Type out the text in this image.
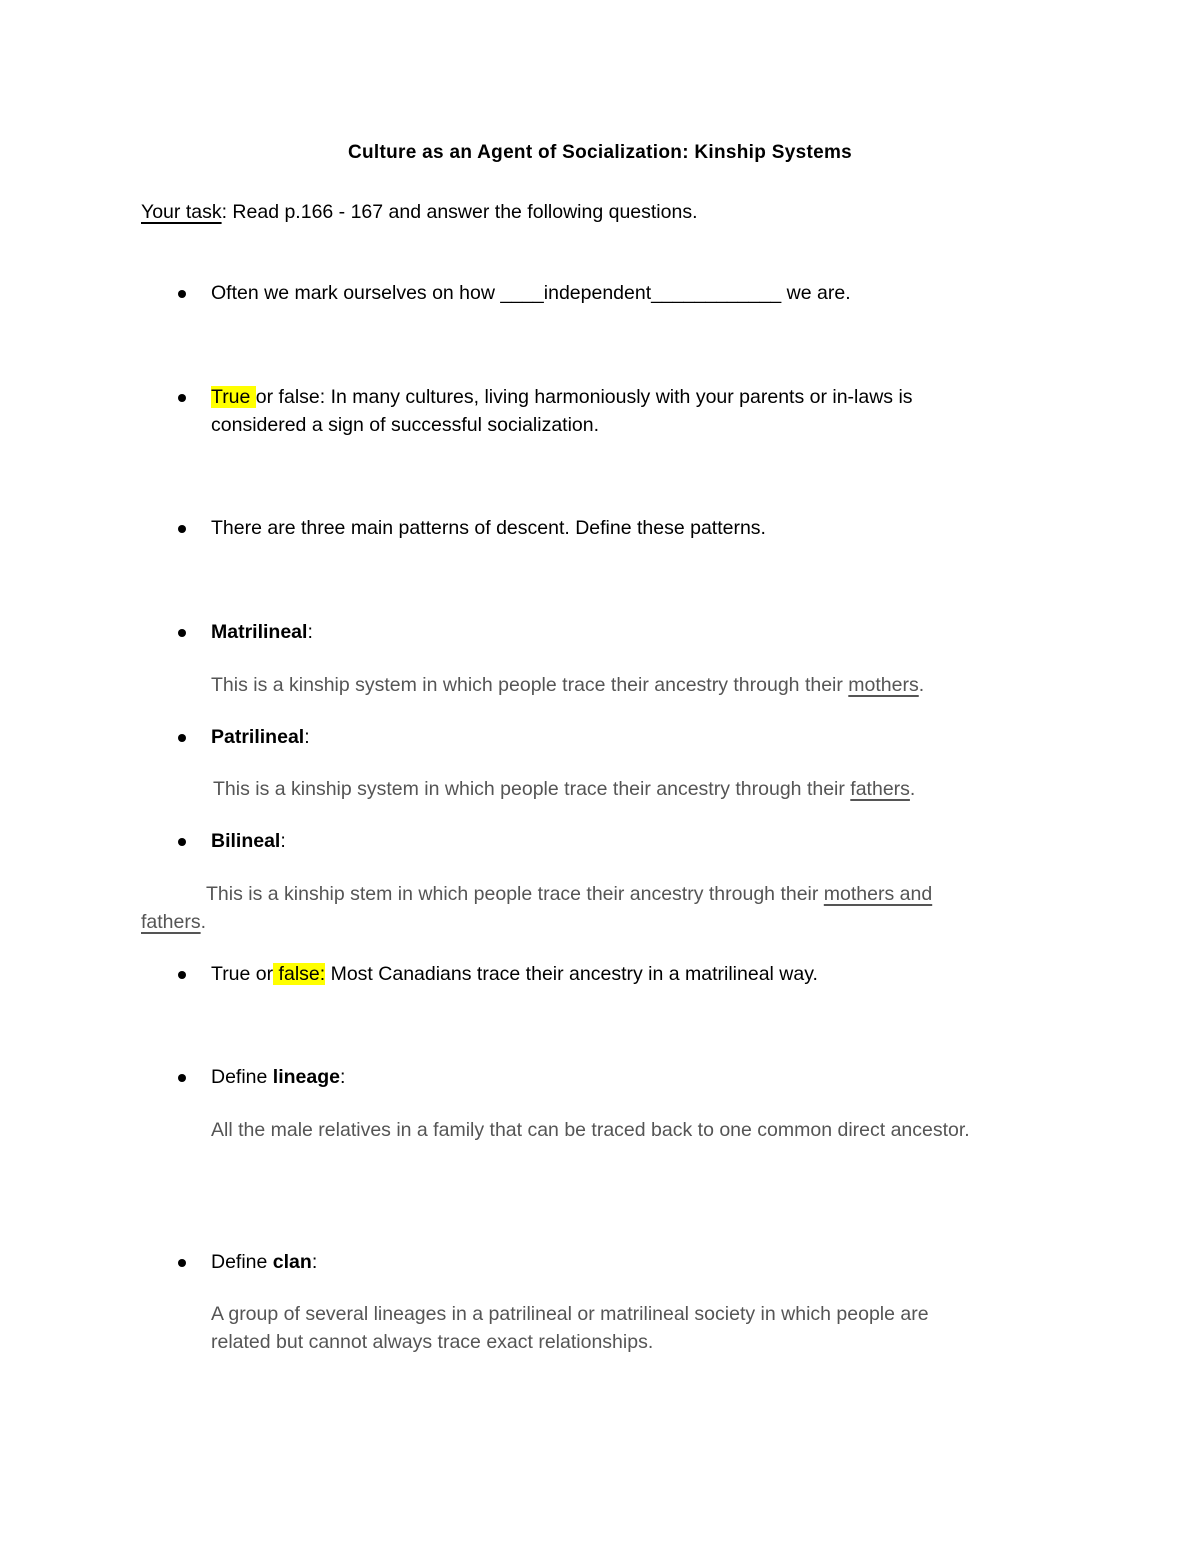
Culture as an Agent of Socialization: Kinship Systems
Your task: Read p.166 - 167 and answer the following questions.
Often we mark ourselves on how ____independent____________ we are.
True or false: In many cultures, living harmoniously with your parents or in-laws is
considered a sign of successful socialization.
There are three main patterns of descent. Define these patterns.
Matrilineal:
This is a kinship system in which people trace their ancestry through their mothers.
Patrilineal:
This is a kinship system in which people trace their ancestry through their fathers.
Bilineal:
This is a kinship stem in which people trace their ancestry through their mothers and
fathers.
True or false: Most Canadians trace their ancestry in a matrilineal way.
Define lineage:
All the male relatives in a family that can be traced back to one common direct ancestor.
Define clan:
A group of several lineages in a patrilineal or matrilineal society in which people are
related but cannot always trace exact relationships.
